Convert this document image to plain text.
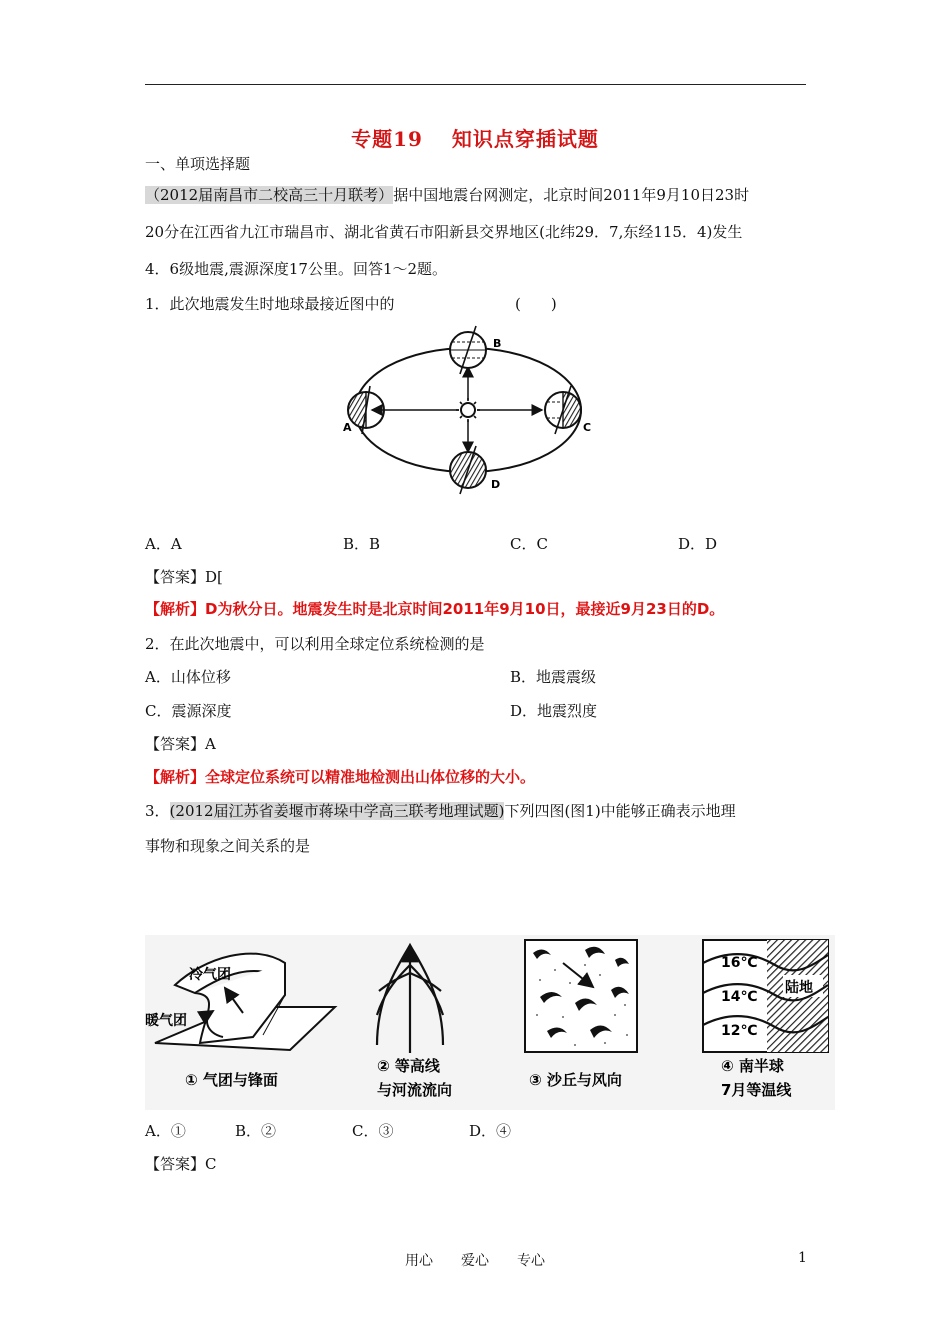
专题19　 知识点穿插试题
一、单项选择题
（2012届南昌市二校高三十月联考）据中国地震台网测定，北京时间2011年9月10日23时
20分在江西省九江市瑞昌市、湖北省黄石市阳新县交界地区(北纬29．7,东经115．4)发生
4．6级地震,震源深度17公里。回答1～2题。
1．此次地震发生时地球最接近图中的	(　　)
B
A	C
D
A．A	B．B	C．C	D．D
【答案】D[
【解析】D为秋分日。地震发生时是北京时间2011年9月10日，最接近9月23日的D。
2．在此次地震中，可以利用全球定位系统检测的是
A．山体位移	B．地震震级
C．震源深度	D．地震烈度
【答案】A
【解析】全球定位系统可以精准地检测出山体位移的大小。
3．(2012届江苏省姜堰市蒋垛中学高三联考地理试题)下列四图(图1)中能够正确表示地理
事物和现象之间关系的是
冷气团
暖气团
① 气团与锋面
② 等高线
与河流流向
③ 沙丘与风向
16℃
14℃
12℃
陆地
④ 南半球
7月等温线
A．①	B．②	C．③	D．④
【答案】C
用心　　爱心　　专心	1
